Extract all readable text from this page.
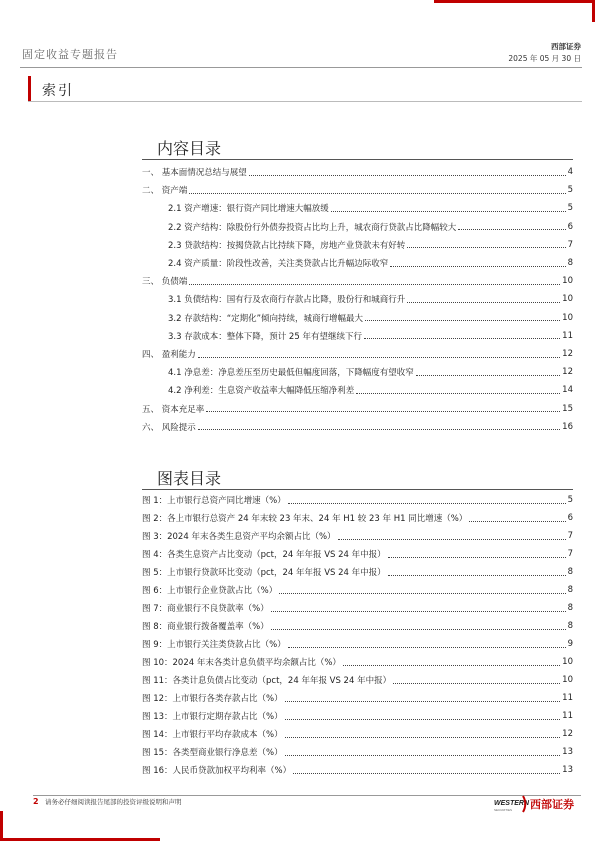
固定收益专题报告
西部证券
2025 年 05 月 30 日
索引
内容目录
一、 基本面情况总结与展望	4
二、 资产端	5
2.1 资产增速：银行资产同比增速大幅放缓	5
2.2 资产结构：除股份行外债券投资占比均上升，城农商行贷款占比降幅较大	6
2.3 贷款结构：按揭贷款占比持续下降，房地产业贷款未有好转	7
2.4 资产质量：阶段性改善，关注类贷款占比升幅边际收窄	8
三、 负债端	10
3.1 负债结构：国有行及农商行存款占比降，股份行和城商行升	10
3.2 存款结构：“定期化”倾向持续，城商行增幅最大	10
3.3 存款成本：整体下降，预计 25 年有望继续下行	11
四、 盈利能力	12
4.1 净息差：净息差压至历史最低但幅度回落，下降幅度有望收窄	12
4.2 净利差：生息资产收益率大幅降低压缩净利差	14
五、 资本充足率	15
六、 风险提示	16
图表目录
图 1：上市银行总资产同比增速（%）	5
图 2：各上市银行总资产 24 年末较 23 年末、24 年 H1 较 23 年 H1 同比增速（%）	6
图 3：2024 年末各类生息资产平均余额占比（%）	7
图 4：各类生息资产占比变动（pct，24 年年报 VS 24 年中报）	7
图 5：上市银行贷款环比变动（pct，24 年年报 VS 24 年中报）	8
图 6：上市银行企业贷款占比（%）	8
图 7：商业银行不良贷款率（%）	8
图 8：商业银行拨备覆盖率（%）	8
图 9：上市银行关注类贷款占比（%）	9
图 10：2024 年末各类计息负债平均余额占比（%）	10
图 11：各类计息负债占比变动（pct，24 年年报 VS 24 年中报）	10
图 12：上市银行各类存款占比（%）	11
图 13：上市银行定期存款占比（%）	11
图 14：上市银行平均存款成本（%）	12
图 15：各类型商业银行净息差（%）	13
图 16：人民币贷款加权平均利率（%）	13
2 请务必仔细阅读报告尾部的投资评级说明和声明	WESTERN
SECURITIES 西部证券
